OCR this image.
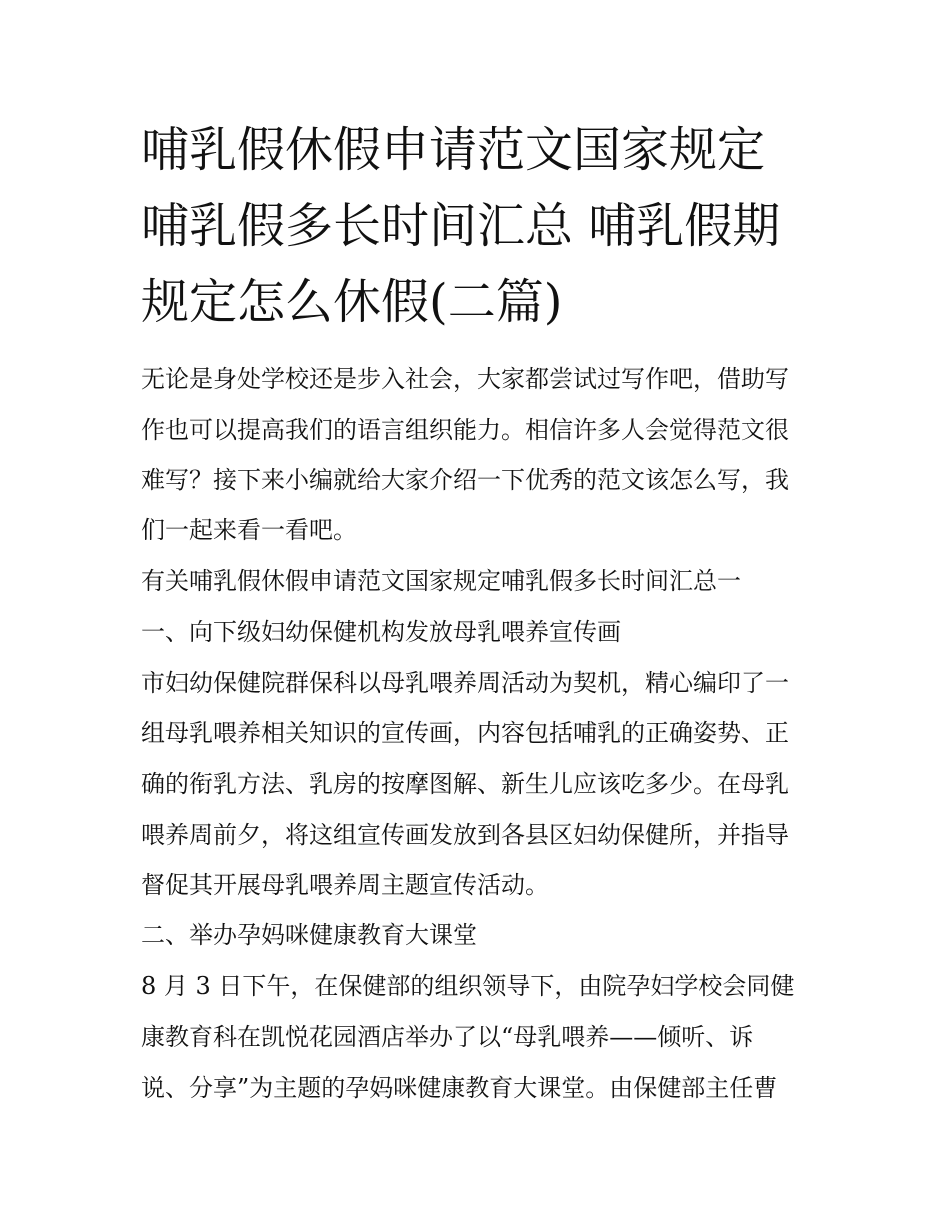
哺乳假休假申请范文国家规定
哺乳假多长时间汇总 哺乳假期
规定怎么休假(二篇)

无论是身处学校还是步入社会，大家都尝试过写作吧，借助写

作也可以提高我们的语言组织能力。相信许多人会觉得范文很

难写？接下来小编就给大家介绍一下优秀的范文该怎么写，我

们一起来看一看吧。

有关哺乳假休假申请范文国家规定哺乳假多长时间汇总一

一、向下级妇幼保健机构发放母乳喂养宣传画

市妇幼保健院群保科以母乳喂养周活动为契机，精心编印了一

组母乳喂养相关知识的宣传画，内容包括哺乳的正确姿势、正

确的衔乳方法、乳房的按摩图解、新生儿应该吃多少。在母乳

喂养周前夕，将这组宣传画发放到各县区妇幼保健所，并指导

督促其开展母乳喂养周主题宣传活动。

二、举办孕妈咪健康教育大课堂

8 月 3 日下午，在保健部的组织领导下，由院孕妇学校会同健

康教育科在凯悦花园酒店举办了以“母乳喂养——倾听、诉

说、分享”为主题的孕妈咪健康教育大课堂。由保健部主任曹
